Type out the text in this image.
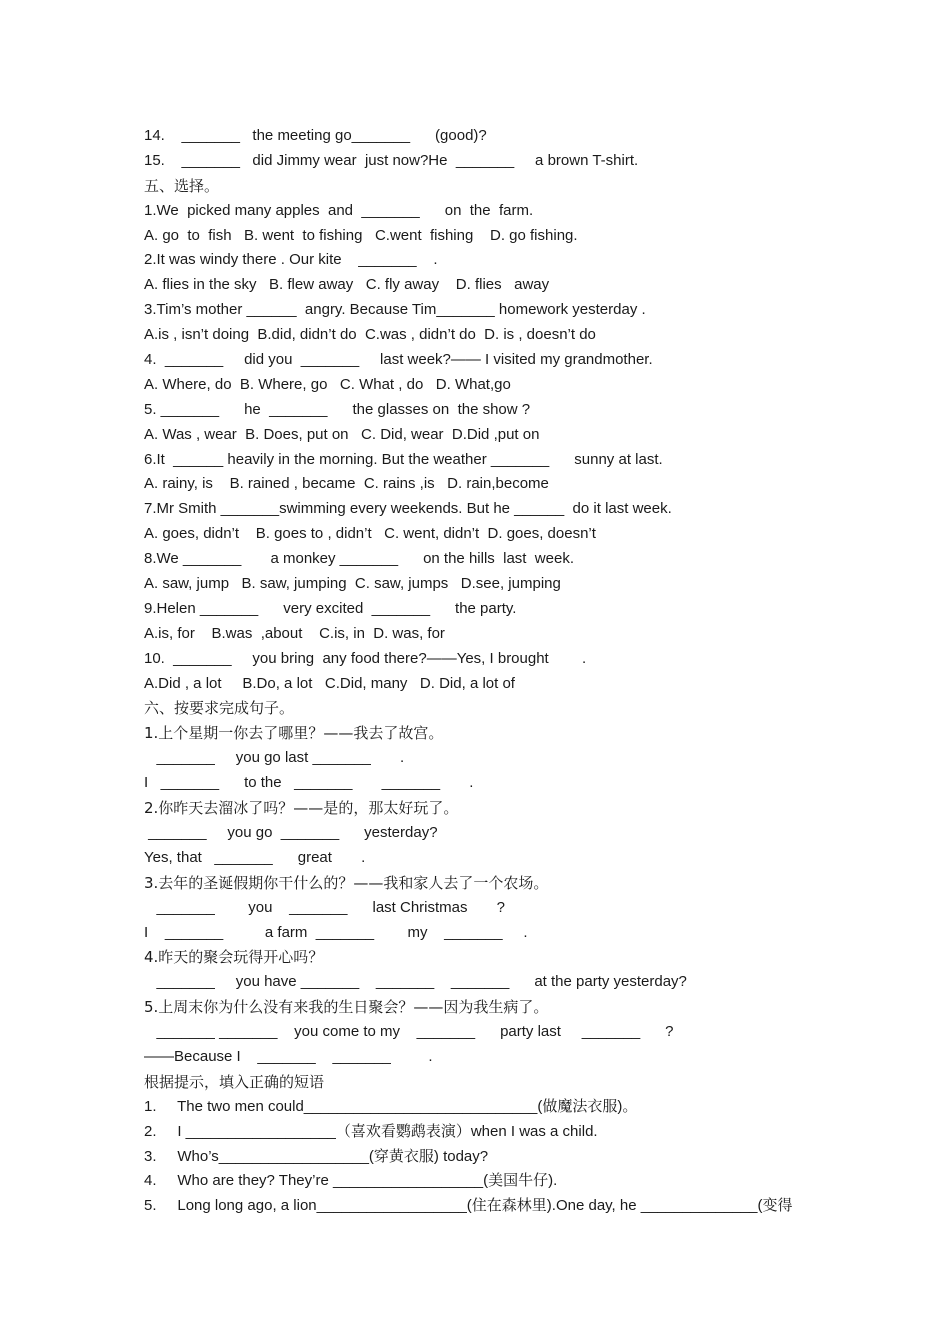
14.    _______   the meeting go_______      (good)?
15.    _______   did Jimmy wear  just now?He  _______     a brown T-shirt.
五、选择。
1.We  picked many apples  and  _______      on  the  farm.
A. go  to  fish   B. went  to fishing   C.went  fishing    D. go fishing.
2.It was windy there . Our kite    _______    .
A. flies in the sky   B. flew away   C. fly away    D. flies   away
3.Tim’s mother ______  angry. Because Tim_______ homework yesterday .
A.is , isn’t doing  B.did, didn’t do  C.was , didn’t do  D. is , doesn’t do
4.  _______     did you  _______     last week?—— I visited my grandmother.
A. Where, do  B. Where, go   C. What , do   D. What,go
5. _______      he  _______      the glasses on  the show ?
A. Was , wear  B. Does, put on   C. Did, wear  D.Did ,put on
6.It  ______ heavily in the morning. But the weather _______      sunny at last.
A. rainy, is    B. rained , became  C. rains ,is   D. rain,become
7.Mr Smith _______swimming every weekends. But he ______  do it last week.
A. goes, didn’t    B. goes to , didn’t   C. went, didn’t  D. goes, doesn’t
8.We _______       a monkey _______      on the hills  last  week.
A. saw, jump   B. saw, jumping  C. saw, jumps   D.see, jumping
9.Helen _______      very excited  _______      the party.
A.is, for    B.was  ,about    C.is, in  D. was, for
10.  _______     you bring  any food there?——Yes, I brought        .
A.Did , a lot     B.Do, a lot   C.Did, many   D. Did, a lot of
六、按要求完成句子。
1.上个星期一你去了哪里？——我去了故宫。
_______     you go last _______       .
I   _______      to the   _______       _______       .
2.你昨天去溜冰了吗？——是的，那太好玩了。
_______     you go  _______      yesterday?
Yes, that   _______      great       .
3.去年的圣诞假期你干什么的？——我和家人去了一个农场。
_______        you    _______      last Christmas       ?
I    _______          a farm  _______        my    _______     .
4.昨天的聚会玩得开心吗？
_______     you have _______    _______    _______      at the party yesterday?
5.上周末你为什么没有来我的生日聚会？——因为我生病了。
_______ _______    you come to my    _______      party last     _______      ?
——Because I    _______    _______         .
根据提示，填入正确的短语
1.     The two men could____________________________(做魔法衣服)。
2.     I __________________（喜欢看鹦鹉表演）when I was a child.
3.     Who’s__________________(穿黄衣服) today?
4.     Who are they? They’re __________________(美国牛仔).
5.     Long long ago, a lion__________________(住在森林里).One day, he ______________(变得
